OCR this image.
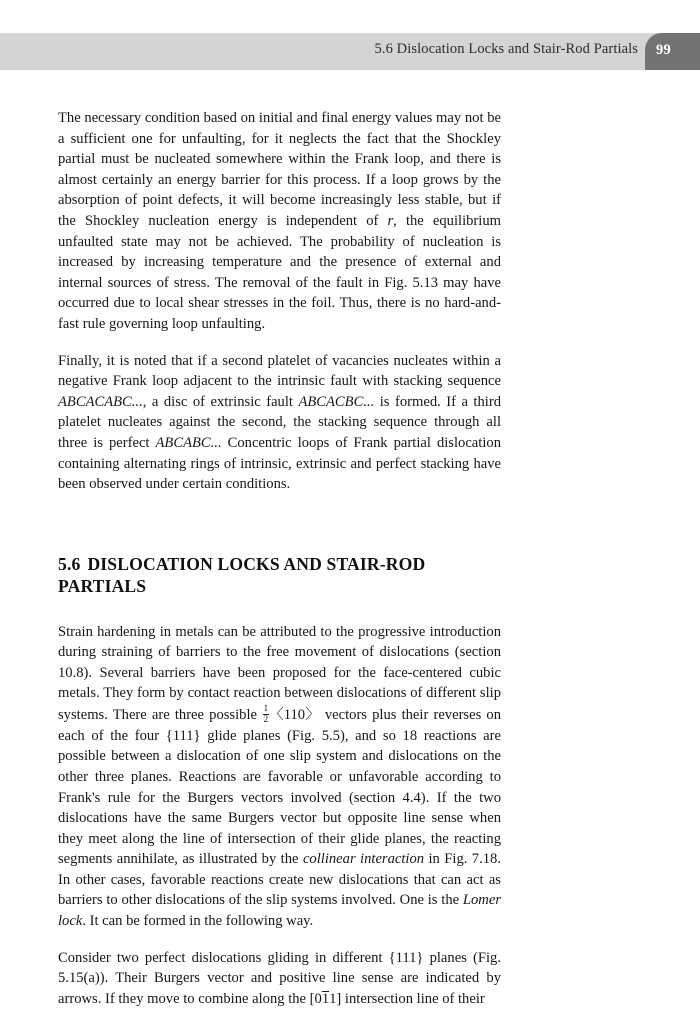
5.6 Dislocation Locks and Stair-Rod Partials 99

The necessary condition based on initial and final energy values may not be a sufficient one for unfaulting, for it neglects the fact that the Shockley partial must be nucleated somewhere within the Frank loop, and there is almost certainly an energy barrier for this process. If a loop grows by the absorption of point defects, it will become increasingly less stable, but if the Shockley nucleation energy is independent of r, the equilibrium unfaulted state may not be achieved. The probability of nucleation is increased by increasing temperature and the presence of external and internal sources of stress. The removal of the fault in Fig. 5.13 may have occurred due to local shear stresses in the foil. Thus, there is no hard-and-fast rule governing loop unfaulting.

Finally, it is noted that if a second platelet of vacancies nucleates within a negative Frank loop adjacent to the intrinsic fault with stacking sequence ABCACABC..., a disc of extrinsic fault ABCACBC... is formed. If a third platelet nucleates against the second, the stacking sequence through all three is perfect ABCABC... Concentric loops of Frank partial dislocation containing alternating rings of intrinsic, extrinsic and perfect stacking have been observed under certain conditions.

5.6 DISLOCATION LOCKS AND STAIR-ROD PARTIALS

Strain hardening in metals can be attributed to the progressive introduction during straining of barriers to the free movement of dislocations (section 10.8). Several barriers have been proposed for the face-centered cubic metals. They form by contact reaction between dislocations of different slip systems. There are three possible $\frac{1}{2}$ 〈110〉 vectors plus their reverses on each of the four {111} glide planes (Fig. 5.5), and so 18 reactions are possible between a dislocation of one slip system and dislocations on the other three planes. Reactions are favorable or unfavorable according to Frank's rule for the Burgers vectors involved (section 4.4). If the two dislocations have the same Burgers vector but opposite line sense when they meet along the line of intersection of their glide planes, the reacting segments annihilate, as illustrated by the collinear interaction in Fig. 7.18. In other cases, favorable reactions create new dislocations that can act as barriers to other dislocations of the slip systems involved. One is the Lomer lock. It can be formed in the following way.

Consider two perfect dislocations gliding in different {111} planes (Fig. 5.15(a)). Their Burgers vector and positive line sense are indicated by arrows. If they move to combine along the [011] intersection line of their
